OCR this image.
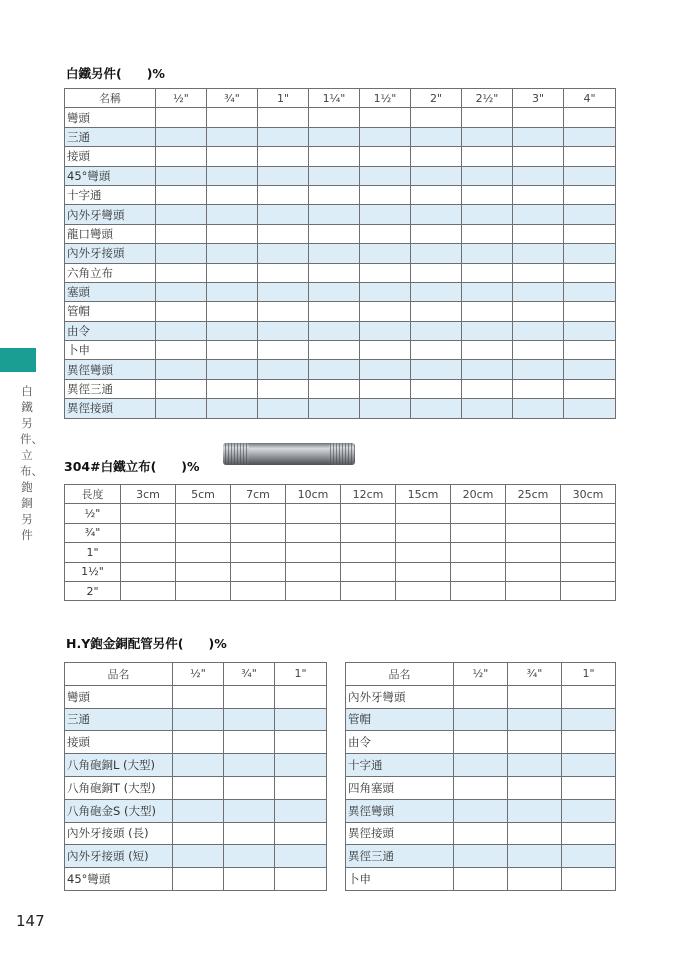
白鐵另件(　　)%
名稱	½"	¾"	1"	1¼"	1½"	2"	2½"	3"	4"
彎頭									
三通									
接頭									
45°彎頭									
十字通									
內外牙彎頭									
龍口彎頭									
內外牙接頭									
六角立布									
塞頭									
管帽									
由令									
卜申									
異徑彎頭									
異徑三通									
異徑接頭									
304#白鐵立布(　　)%
長度	3cm	5cm	7cm	10cm	12cm	15cm	20cm	25cm	30cm
½"									
¾"									
1"									
1½"									
2"									
H.Y鉋金銅配管另件(　　)%
品名	½"	¾"	1"
彎頭			
三通			
接頭			
八角砲銅L (大型)			
八角砲銅T (大型)			
八角砲金S (大型)			
內外牙接頭 (長)			
內外牙接頭 (短)			
45°彎頭			
品名	½"	¾"	1"
內外牙彎頭			
管帽			
由令			
十字通			
四角塞頭			
異徑彎頭			
異徑接頭			
異徑三通			
卜申			
白鐵另件、立布、鉋銅另件
147
